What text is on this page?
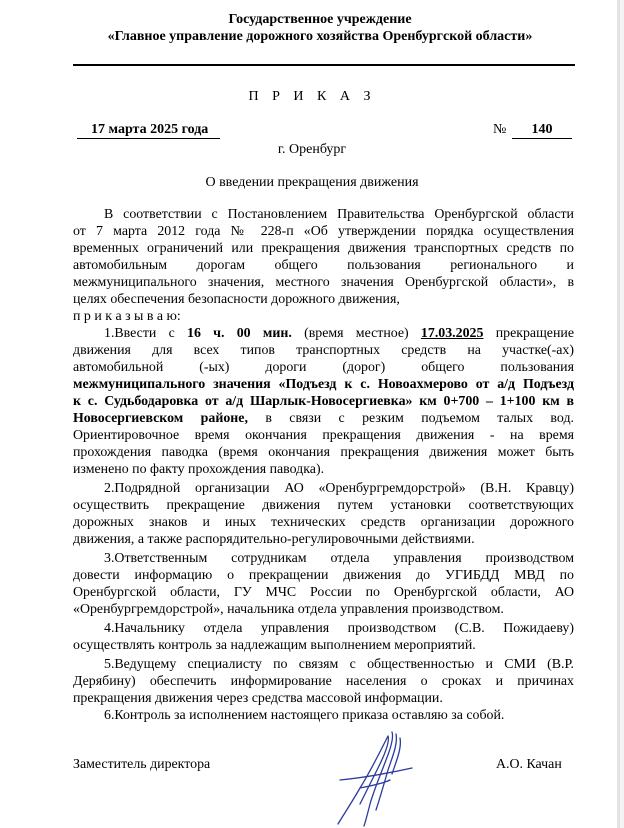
Государственное учреждение
«Главное управление дорожного хозяйства Оренбургской области»
П Р И К А З
17 марта 2025 года	№	140
г. Оренбург
О введении прекращения движения
В соответствии с Постановлением Правительства Оренбургской области
от 7 марта 2012 года № 228-п «Об утверждении порядка осуществления
временных ограничений или прекращения движения транспортных средств по
автомобильным дорогам общего пользования регионального и
межмуниципального значения, местного значения Оренбургской области», в
целях обеспечения безопасности дорожного движения,
п р и к а з ы в а ю:
1.Ввести с 16 ч. 00 мин. (время местное) 17.03.2025 прекращение
движения для всех типов транспортных средств на участке(-ах)
автомобильной (-ых) дороги (дорог) общего пользования
межмуниципального значения «Подъезд к с. Новоахмерово от а/д Подъезд
к с. Судьбодаровка от а/д Шарлык-Новосергиевка» км 0+700 – 1+100 км в
Новосергиевском районе, в связи с резким подъемом талых вод.
Ориентировочное время окончания прекращения движения - на время
прохождения паводка (время окончания прекращения движения может быть
изменено по факту прохождения паводка).
2.Подрядной организации АО «Оренбургремдорстрой» (В.Н. Кравцу)
осуществить прекращение движения путем установки соответствующих
дорожных знаков и иных технических средств организации дорожного
движения, а также распорядительно-регулировочными действиями.
3.Ответственным сотрудникам отдела управления производством
довести информацию о прекращении движения до УГИБДД МВД по
Оренбургской области, ГУ МЧС России по Оренбургской области, АО
«Оренбургремдорстрой», начальника отдела управления производством.
4.Начальнику отдела управления производством (С.В. Пожидаеву)
осуществлять контроль за надлежащим выполнением мероприятий.
5.Ведущему специалисту по связям с общественностью и СМИ (В.Р.
Дерябину) обеспечить информирование населения о сроках и причинах
прекращения движения через средства массовой информации.
6.Контроль за исполнением настоящего приказа оставляю за собой.
Заместитель директора	А.О. Качан
